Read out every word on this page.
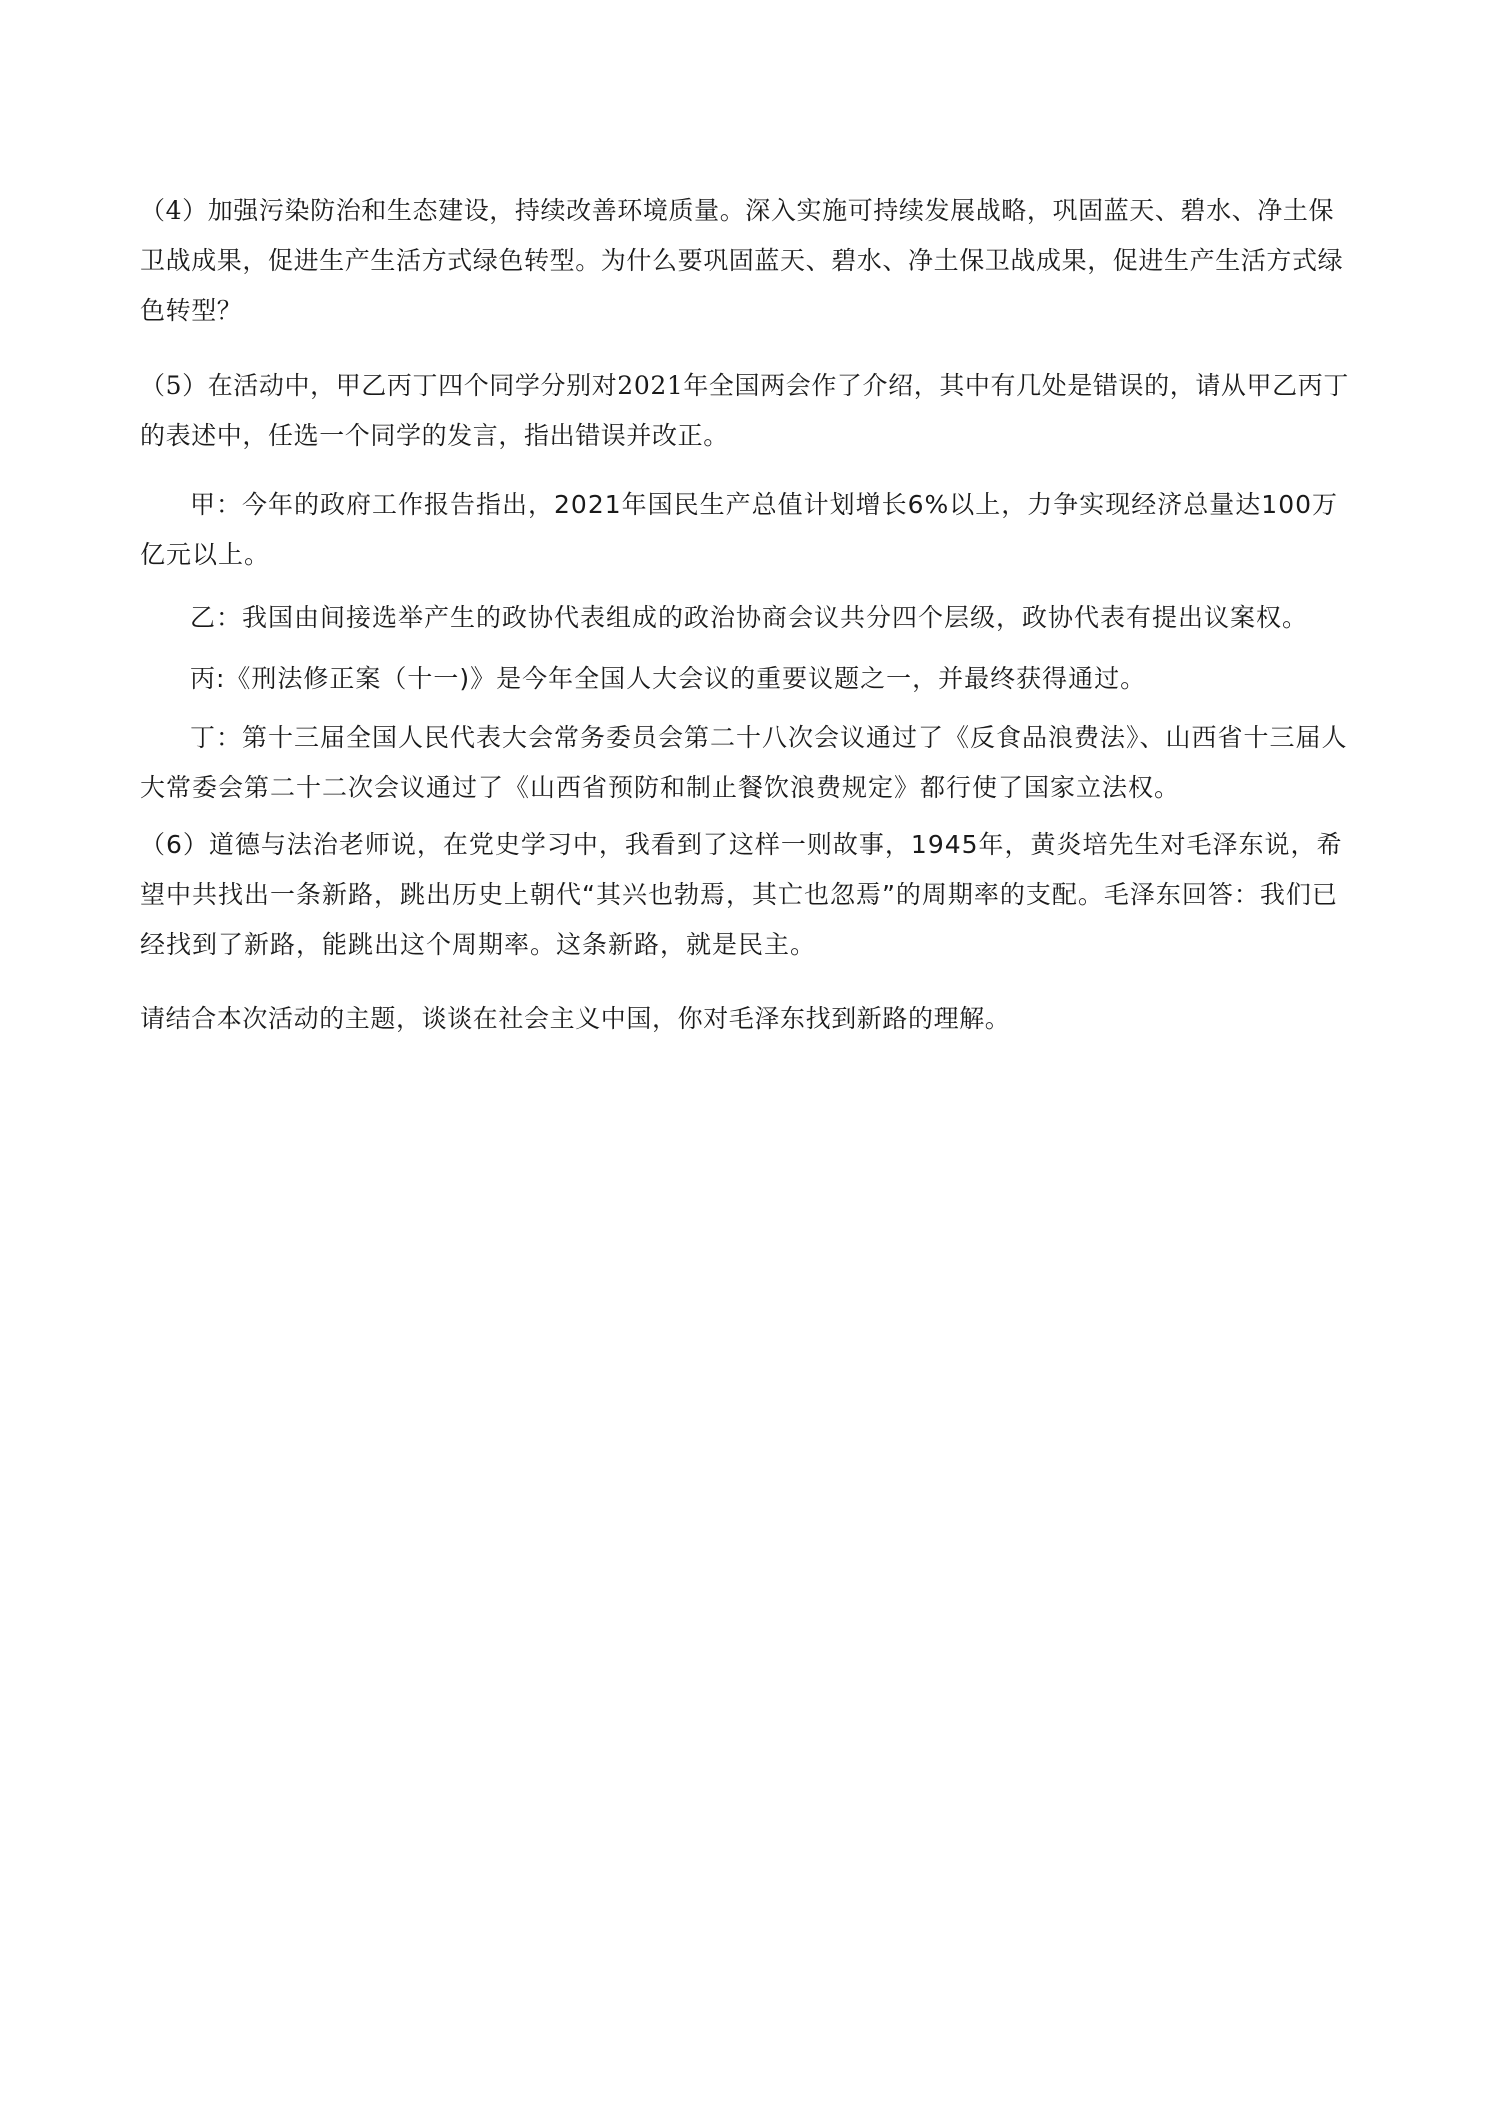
（4）加强污染防治和生态建设，持续改善环境质量。深入实施可持续发展战略，巩固蓝天、碧水、净土保卫战成果，促进生产生活方式绿色转型。为什么要巩固蓝天、碧水、净土保卫战成果，促进生产生活方式绿色转型？

（5）在活动中，甲乙丙丁四个同学分别对2021年全国两会作了介绍，其中有几处是错误的，请从甲乙丙丁的表述中，任选一个同学的发言，指出错误并改正。

甲：今年的政府工作报告指出，2021年国民生产总值计划增长6%以上，力争实现经济总量达100万亿元以上。

乙：我国由间接选举产生的政协代表组成的政治协商会议共分四个层级，政协代表有提出议案权。

丙:《刑法修正案（十一)》是今年全国人大会议的重要议题之一，并最终获得通过。

丁：第十三届全国人民代表大会常务委员会第二十八次会议通过了《反食品浪费法》、山西省十三届人大常委会第二十二次会议通过了《山西省预防和制止餐饮浪费规定》都行使了国家立法权。

（6）道德与法治老师说，在党史学习中，我看到了这样一则故事，1945年，黄炎培先生对毛泽东说，希望中共找出一条新路，跳出历史上朝代“其兴也勃焉，其亡也忽焉”的周期率的支配。毛泽东回答：我们已经找到了新路，能跳出这个周期率。这条新路，就是民主。

请结合本次活动的主题，谈谈在社会主义中国，你对毛泽东找到新路的理解。
